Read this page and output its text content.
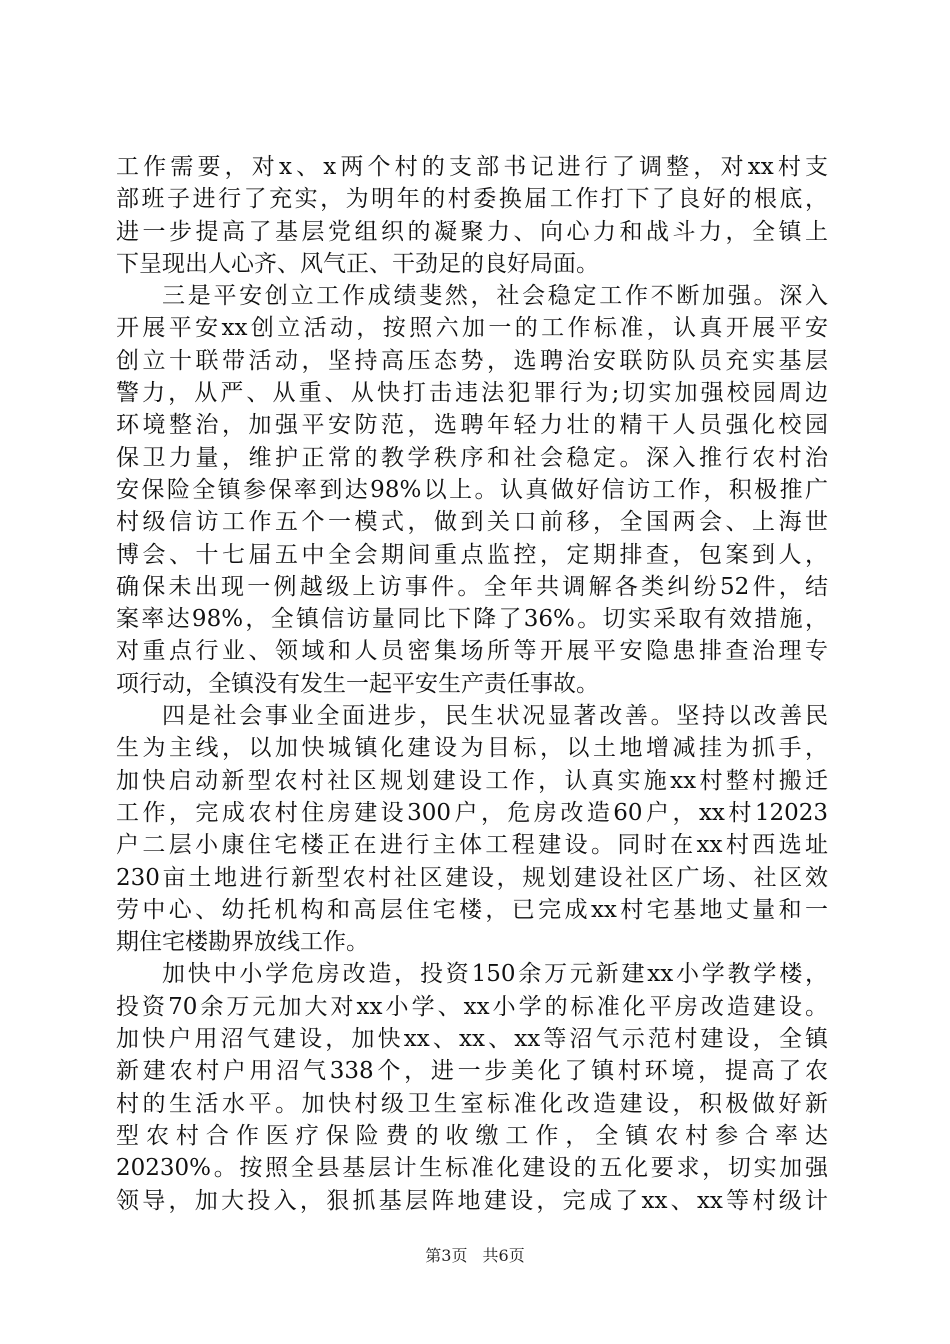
工作需要，对x、x两个村的支部书记进行了调整，对xx村支
部班子进行了充实，为明年的村委换届工作打下了良好的根底，
进一步提高了基层党组织的凝聚力、向心力和战斗力，全镇上
下呈现出人心齐、风气正、干劲足的良好局面。
三是平安创立工作成绩斐然，社会稳定工作不断加强。深入
开展平安xx创立活动，按照六加一的工作标准，认真开展平安
创立十联带活动，坚持高压态势，选聘治安联防队员充实基层
警力，从严、从重、从快打击违法犯罪行为;切实加强校园周边
环境整治，加强平安防范，选聘年轻力壮的精干人员强化校园
保卫力量，维护正常的教学秩序和社会稳定。深入推行农村治
安保险全镇参保率到达98%以上。认真做好信访工作，积极推广
村级信访工作五个一模式，做到关口前移，全国两会、上海世
博会、十七届五中全会期间重点监控，定期排查，包案到人，
确保未出现一例越级上访事件。全年共调解各类纠纷52件，结
案率达98%，全镇信访量同比下降了36%。切实采取有效措施，
对重点行业、领域和人员密集场所等开展平安隐患排查治理专
项行动，全镇没有发生一起平安生产责任事故。
四是社会事业全面进步，民生状况显著改善。坚持以改善民
生为主线，以加快城镇化建设为目标，以土地增减挂为抓手，
加快启动新型农村社区规划建设工作，认真实施xx村整村搬迁
工作，完成农村住房建设300户，危房改造60户，xx村12023
户二层小康住宅楼正在进行主体工程建设。同时在xx村西选址
230亩土地进行新型农村社区建设，规划建设社区广场、社区效
劳中心、幼托机构和高层住宅楼，已完成xx村宅基地丈量和一
期住宅楼勘界放线工作。
加快中小学危房改造，投资150余万元新建xx小学教学楼，
投资70余万元加大对xx小学、xx小学的标准化平房改造建设。
加快户用沼气建设，加快xx、xx、xx等沼气示范村建设，全镇
新建农村户用沼气338个，进一步美化了镇村环境，提高了农
村的生活水平。加快村级卫生室标准化改造建设，积极做好新
型农村合作医疗保险费的收缴工作，全镇农村参合率达
20230%。按照全县基层计生标准化建设的五化要求，切实加强
领导，加大投入，狠抓基层阵地建设，完成了xx、xx等村级计
第3页 共6页
